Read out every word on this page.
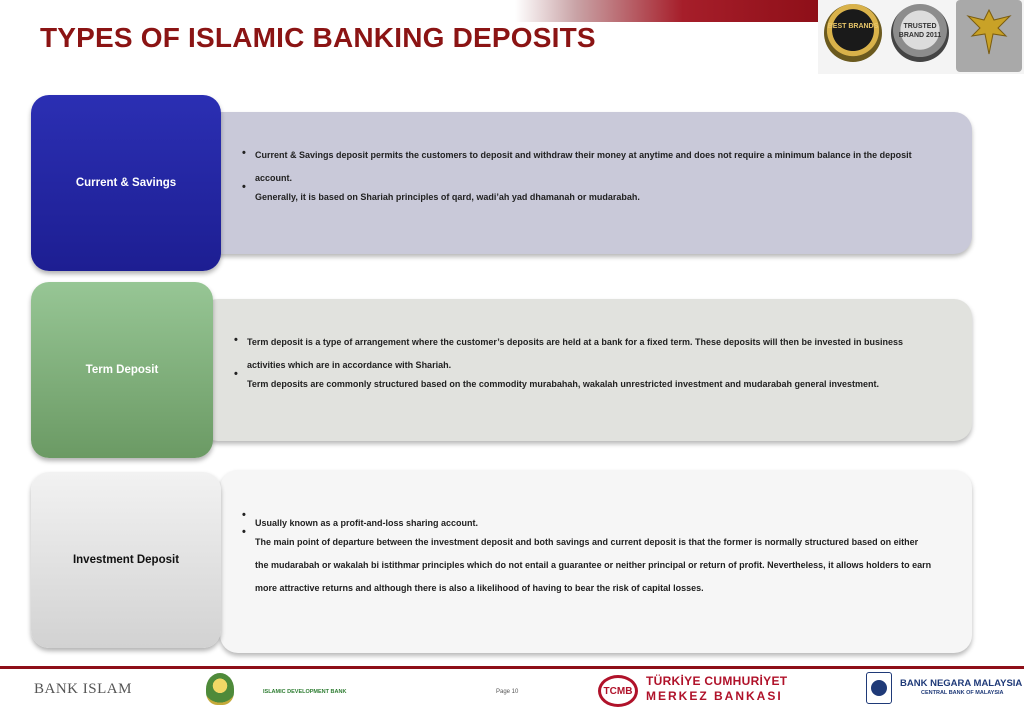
TYPES OF ISLAMIC BANKING DEPOSITS	BEST BRANDS	TRUSTED BRAND 2011
•	Current & Savings deposit permits the customers to deposit and withdraw their money at anytime and does not require a minimum balance in the deposit account.
•
Generally, it is based on Shariah principles of qard, wadi’ah yad dhamanah or mudarabah.
Current & Savings
•	Term deposit is a type of arrangement where the customer’s deposits are held at a bank for a fixed term. These deposits will then be invested in business activities which are in accordance with Shariah.
•
Term deposits are commonly structured based on the commodity murabahah, wakalah unrestricted investment and mudarabah general investment.
Term Deposit
•
Usually known as a profit-and-loss sharing account.
•
The main point of departure between the investment deposit and both savings and current deposit is that the former is normally structured based on either the mudarabah or wakalah bi istithmar principles which do not entail a guarantee or neither principal or return of profit. Nevertheless, it allows holders to earn more attractive returns and although there is also a likelihood of having to bear the risk of capital losses.
Investment Deposit
BANK ISLAM	ISLAMIC DEVELOPMENT BANK	Page 10	TCMB
TÜRKİYE CUMHURİYET
MERKEZ BANKASI
BANK NEGARA MALAYSIA
CENTRAL BANK OF MALAYSIA
